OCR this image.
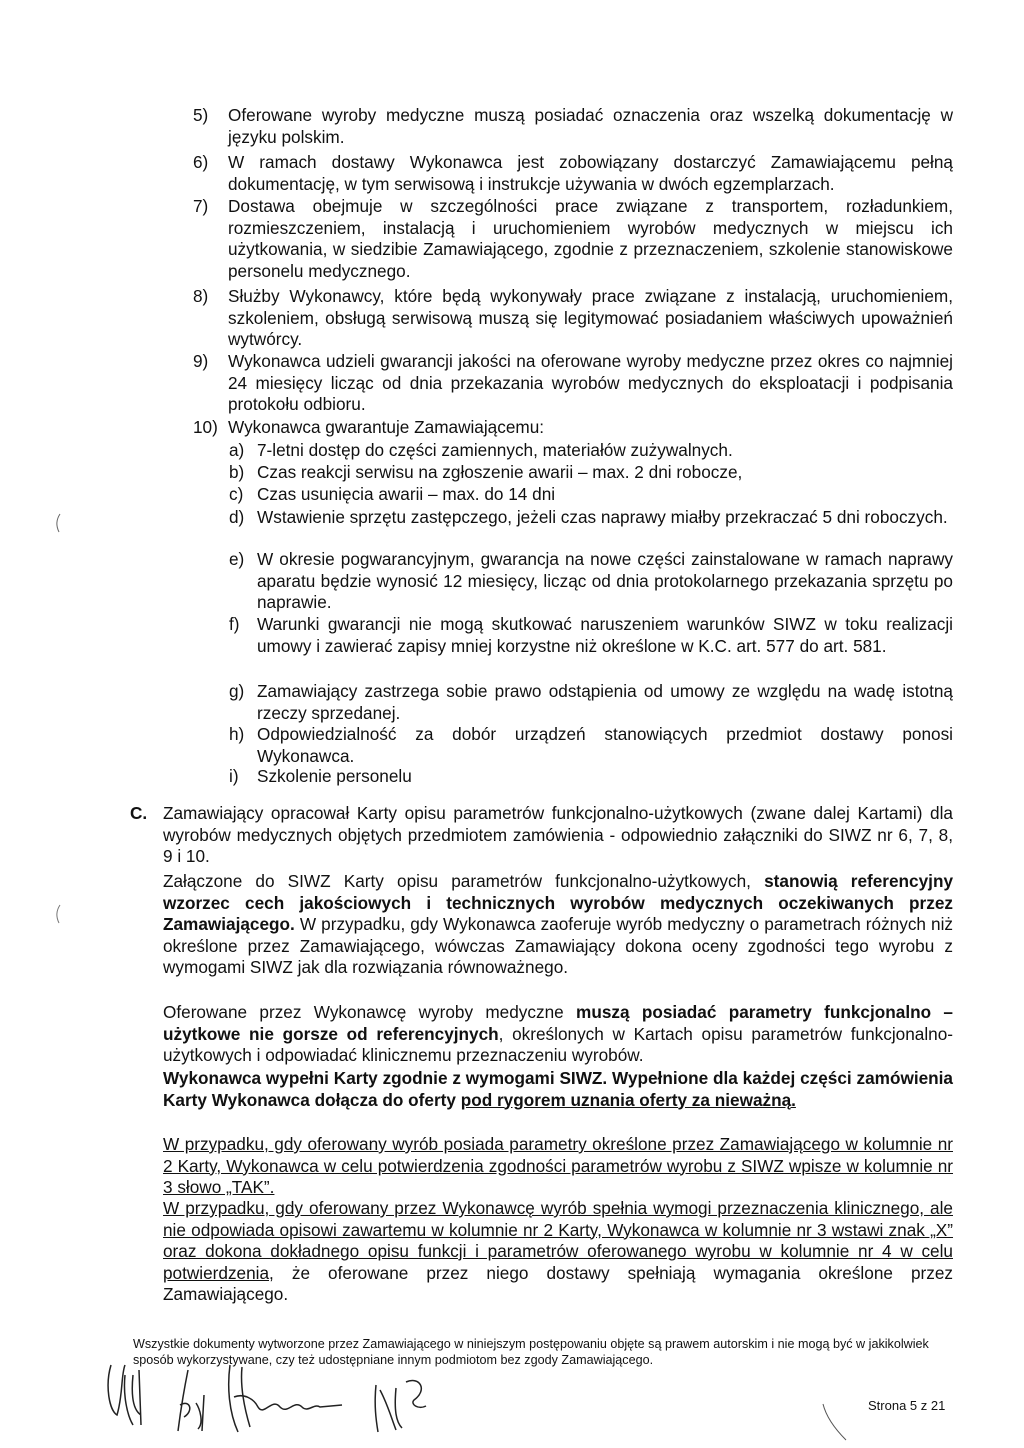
5) Oferowane wyroby medyczne muszą posiadać oznaczenia oraz wszelką dokumentację w języku polskim.
6) W ramach dostawy Wykonawca jest zobowiązany dostarczyć Zamawiającemu pełną dokumentację, w tym serwisową i instrukcje używania w dwóch egzemplarzach.
7) Dostawa obejmuje w szczególności prace związane z transportem, rozładunkiem, rozmieszczeniem, instalacją i uruchomieniem wyrobów medycznych w miejscu ich użytkowania, w siedzibie Zamawiającego, zgodnie z przeznaczeniem, szkolenie stanowiskowe personelu medycznego.
8) Służby Wykonawcy, które będą wykonywały prace związane z instalacją, uruchomieniem, szkoleniem, obsługą serwisową muszą się legitymować posiadaniem właściwych upoważnień wytwórcy.
9) Wykonawca udzieli gwarancji jakości na oferowane wyroby medyczne przez okres co najmniej 24 miesięcy licząc od dnia przekazania wyrobów medycznych do eksploatacji i podpisania protokołu odbioru.
10) Wykonawca gwarantuje Zamawiającemu:
a) 7-letni dostęp do części zamiennych, materiałów zużywalnych.
b) Czas reakcji serwisu na zgłoszenie awarii – max. 2 dni robocze,
c) Czas usunięcia awarii – max. do 14 dni
d) Wstawienie sprzętu zastępczego, jeżeli czas naprawy miałby przekraczać 5 dni roboczych.
e) W okresie pogwarancyjnym, gwarancja na nowe części zainstalowane w ramach naprawy aparatu będzie wynosić 12 miesięcy, licząc od dnia protokolarnego przekazania sprzętu po naprawie.
f) Warunki gwarancji nie mogą skutkować naruszeniem warunków SIWZ w toku realizacji umowy i zawierać zapisy mniej korzystne niż określone w K.C. art. 577 do art. 581.
g) Zamawiający zastrzega sobie prawo odstąpienia od umowy ze względu na wadę istotną rzeczy sprzedanej.
h) Odpowiedzialność za dobór urządzeń stanowiących przedmiot dostawy ponosi Wykonawca.
i) Szkolenie personelu
C. Zamawiający opracował Karty opisu parametrów funkcjonalno-użytkowych (zwane dalej Kartami) dla wyrobów medycznych objętych przedmiotem zamówienia - odpowiednio załączniki do SIWZ nr 6, 7, 8, 9 i 10.
Załączone do SIWZ Karty opisu parametrów funkcjonalno-użytkowych, stanowią referencyjny wzorzec cech jakościowych i technicznych wyrobów medycznych oczekiwanych przez Zamawiającego. W przypadku, gdy Wykonawca zaoferuje wyrób medyczny o parametrach różnych niż określone przez Zamawiającego, wówczas Zamawiający dokona oceny zgodności tego wyrobu z wymogami SIWZ jak dla rozwiązania równoważnego.
Oferowane przez Wykonawcę wyroby medyczne muszą posiadać parametry funkcjonalno – użytkowe nie gorsze od referencyjnych, określonych w Kartach opisu parametrów funkcjonalno-użytkowych i odpowiadać klinicznemu przeznaczeniu wyrobów.
Wykonawca wypełni Karty zgodnie z wymogami SIWZ. Wypełnione dla każdej części zamówienia Karty Wykonawca dołącza do oferty pod rygorem uznania oferty za nieważną.
W przypadku, gdy oferowany wyrób posiada parametry określone przez Zamawiającego w kolumnie nr 2 Karty, Wykonawca w celu potwierdzenia zgodności parametrów wyrobu z SIWZ wpisze w kolumnie nr 3 słowo „TAK”.
W przypadku, gdy oferowany przez Wykonawcę wyrób spełnia wymogi przeznaczenia klinicznego, ale nie odpowiada opisowi zawartemu w kolumnie nr 2 Karty, Wykonawca w kolumnie nr 3 wstawi znak „X” oraz dokona dokładnego opisu funkcji i parametrów oferowanego wyrobu w kolumnie nr 4 w celu potwierdzenia, że oferowane przez niego dostawy spełniają wymagania określone przez Zamawiającego.
Wszystkie dokumenty wytworzone przez Zamawiającego w niniejszym postępowaniu objęte są prawem autorskim i nie mogą być w jakikolwiek sposób wykorzystywane, czy też udostępniane innym podmiotom bez zgody Zamawiającego.
Strona 5 z 21
